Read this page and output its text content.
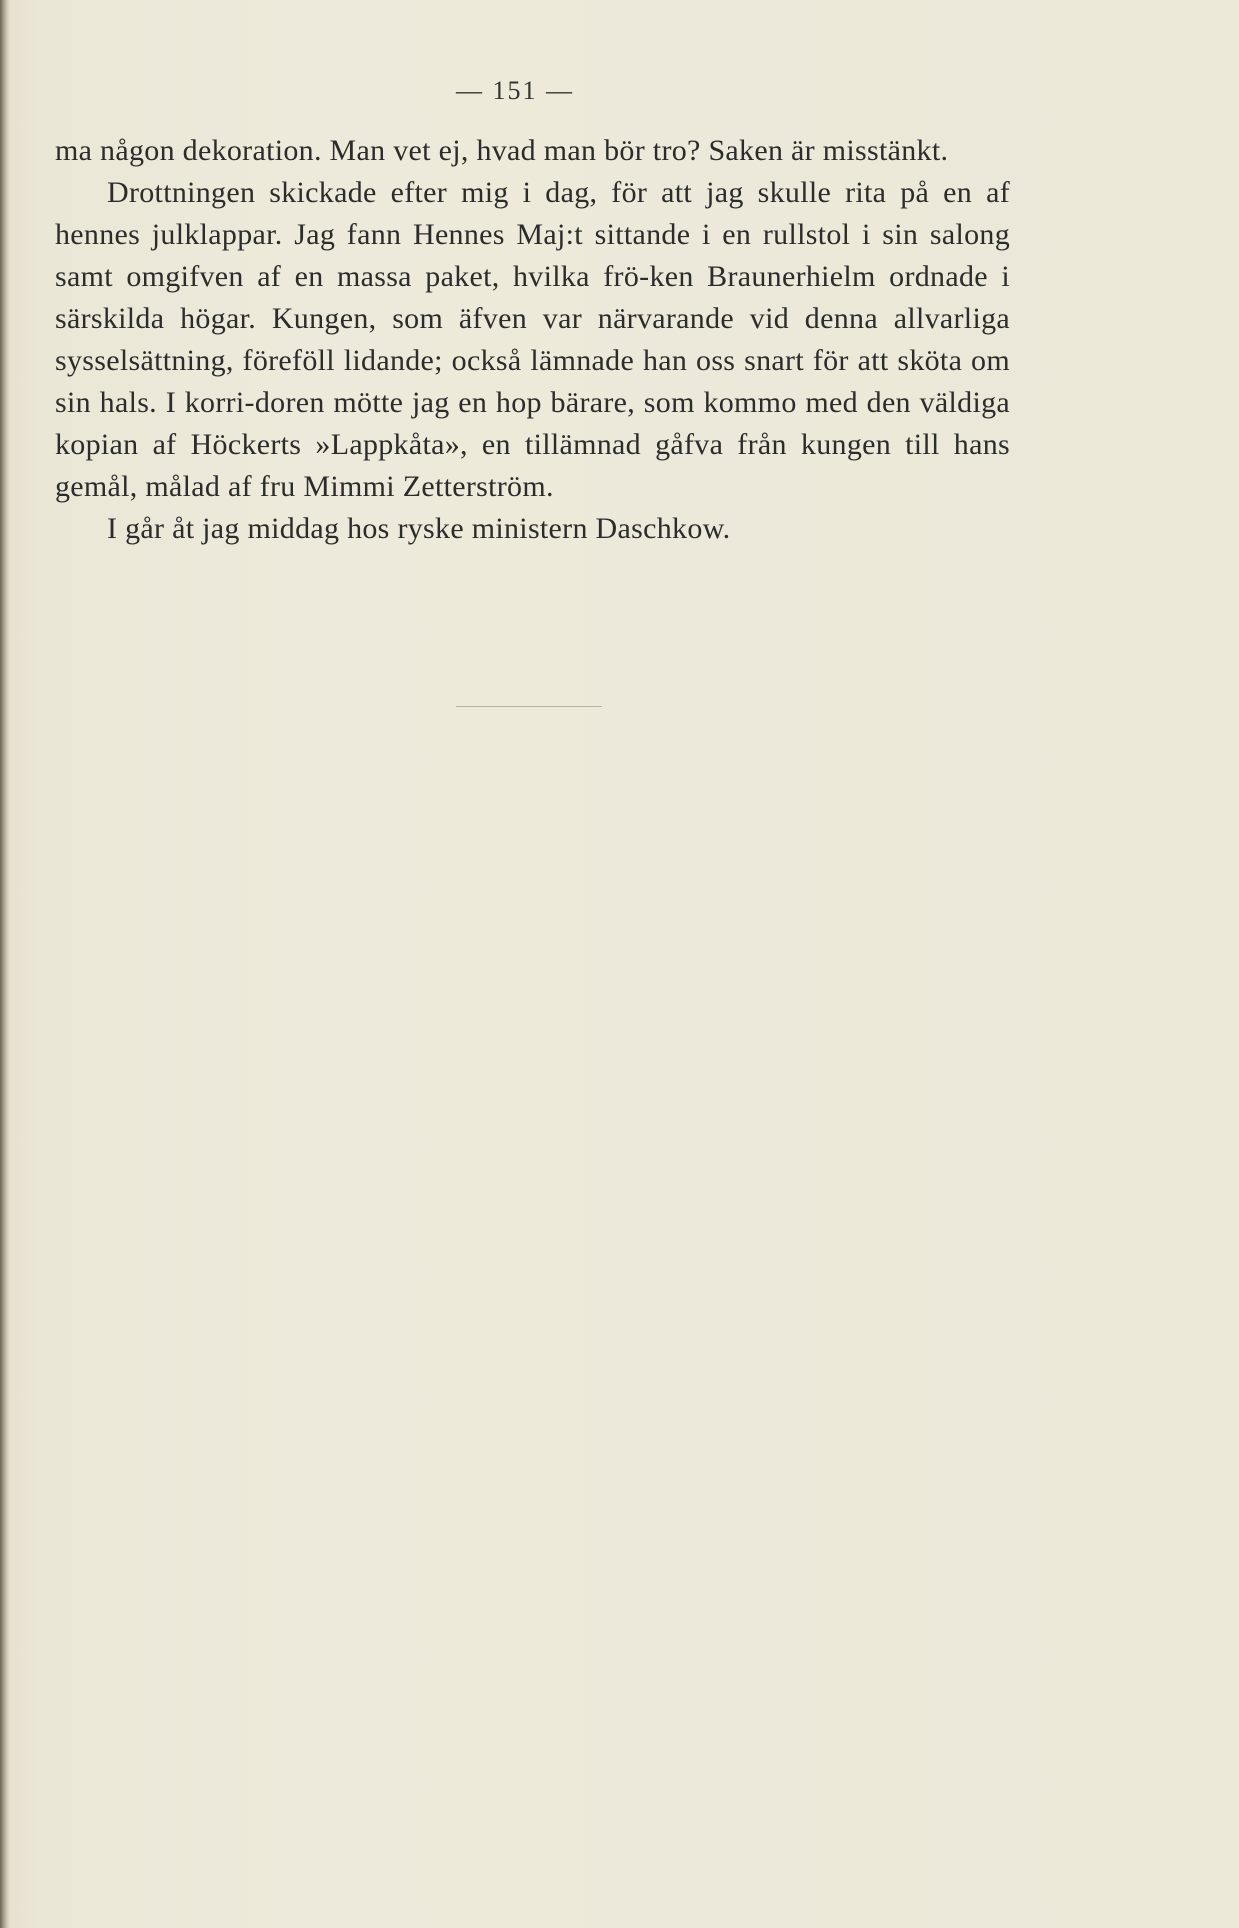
— 151 —

ma någon dekoration. Man vet ej, hvad man bör tro? Saken är misstänkt.

Drottningen skickade efter mig i dag, för att jag skulle rita på en af hennes julklappar. Jag fann Hennes Maj:t sittande i en rullstol i sin salong samt omgifven af en massa paket, hvilka frö-ken Braunerhielm ordnade i särskilda högar. Kungen, som äfven var närvarande vid denna allvarliga sysselsättning, föreföll lidande; också lämnade han oss snart för att sköta om sin hals. I korri-doren mötte jag en hop bärare, som kommo med den väldiga kopian af Höckerts »Lappkåta», en tillämnad gåfva från kungen till hans gemål, målad af fru Mimmi Zetterström.

I går åt jag middag hos ryske ministern Daschkow.
